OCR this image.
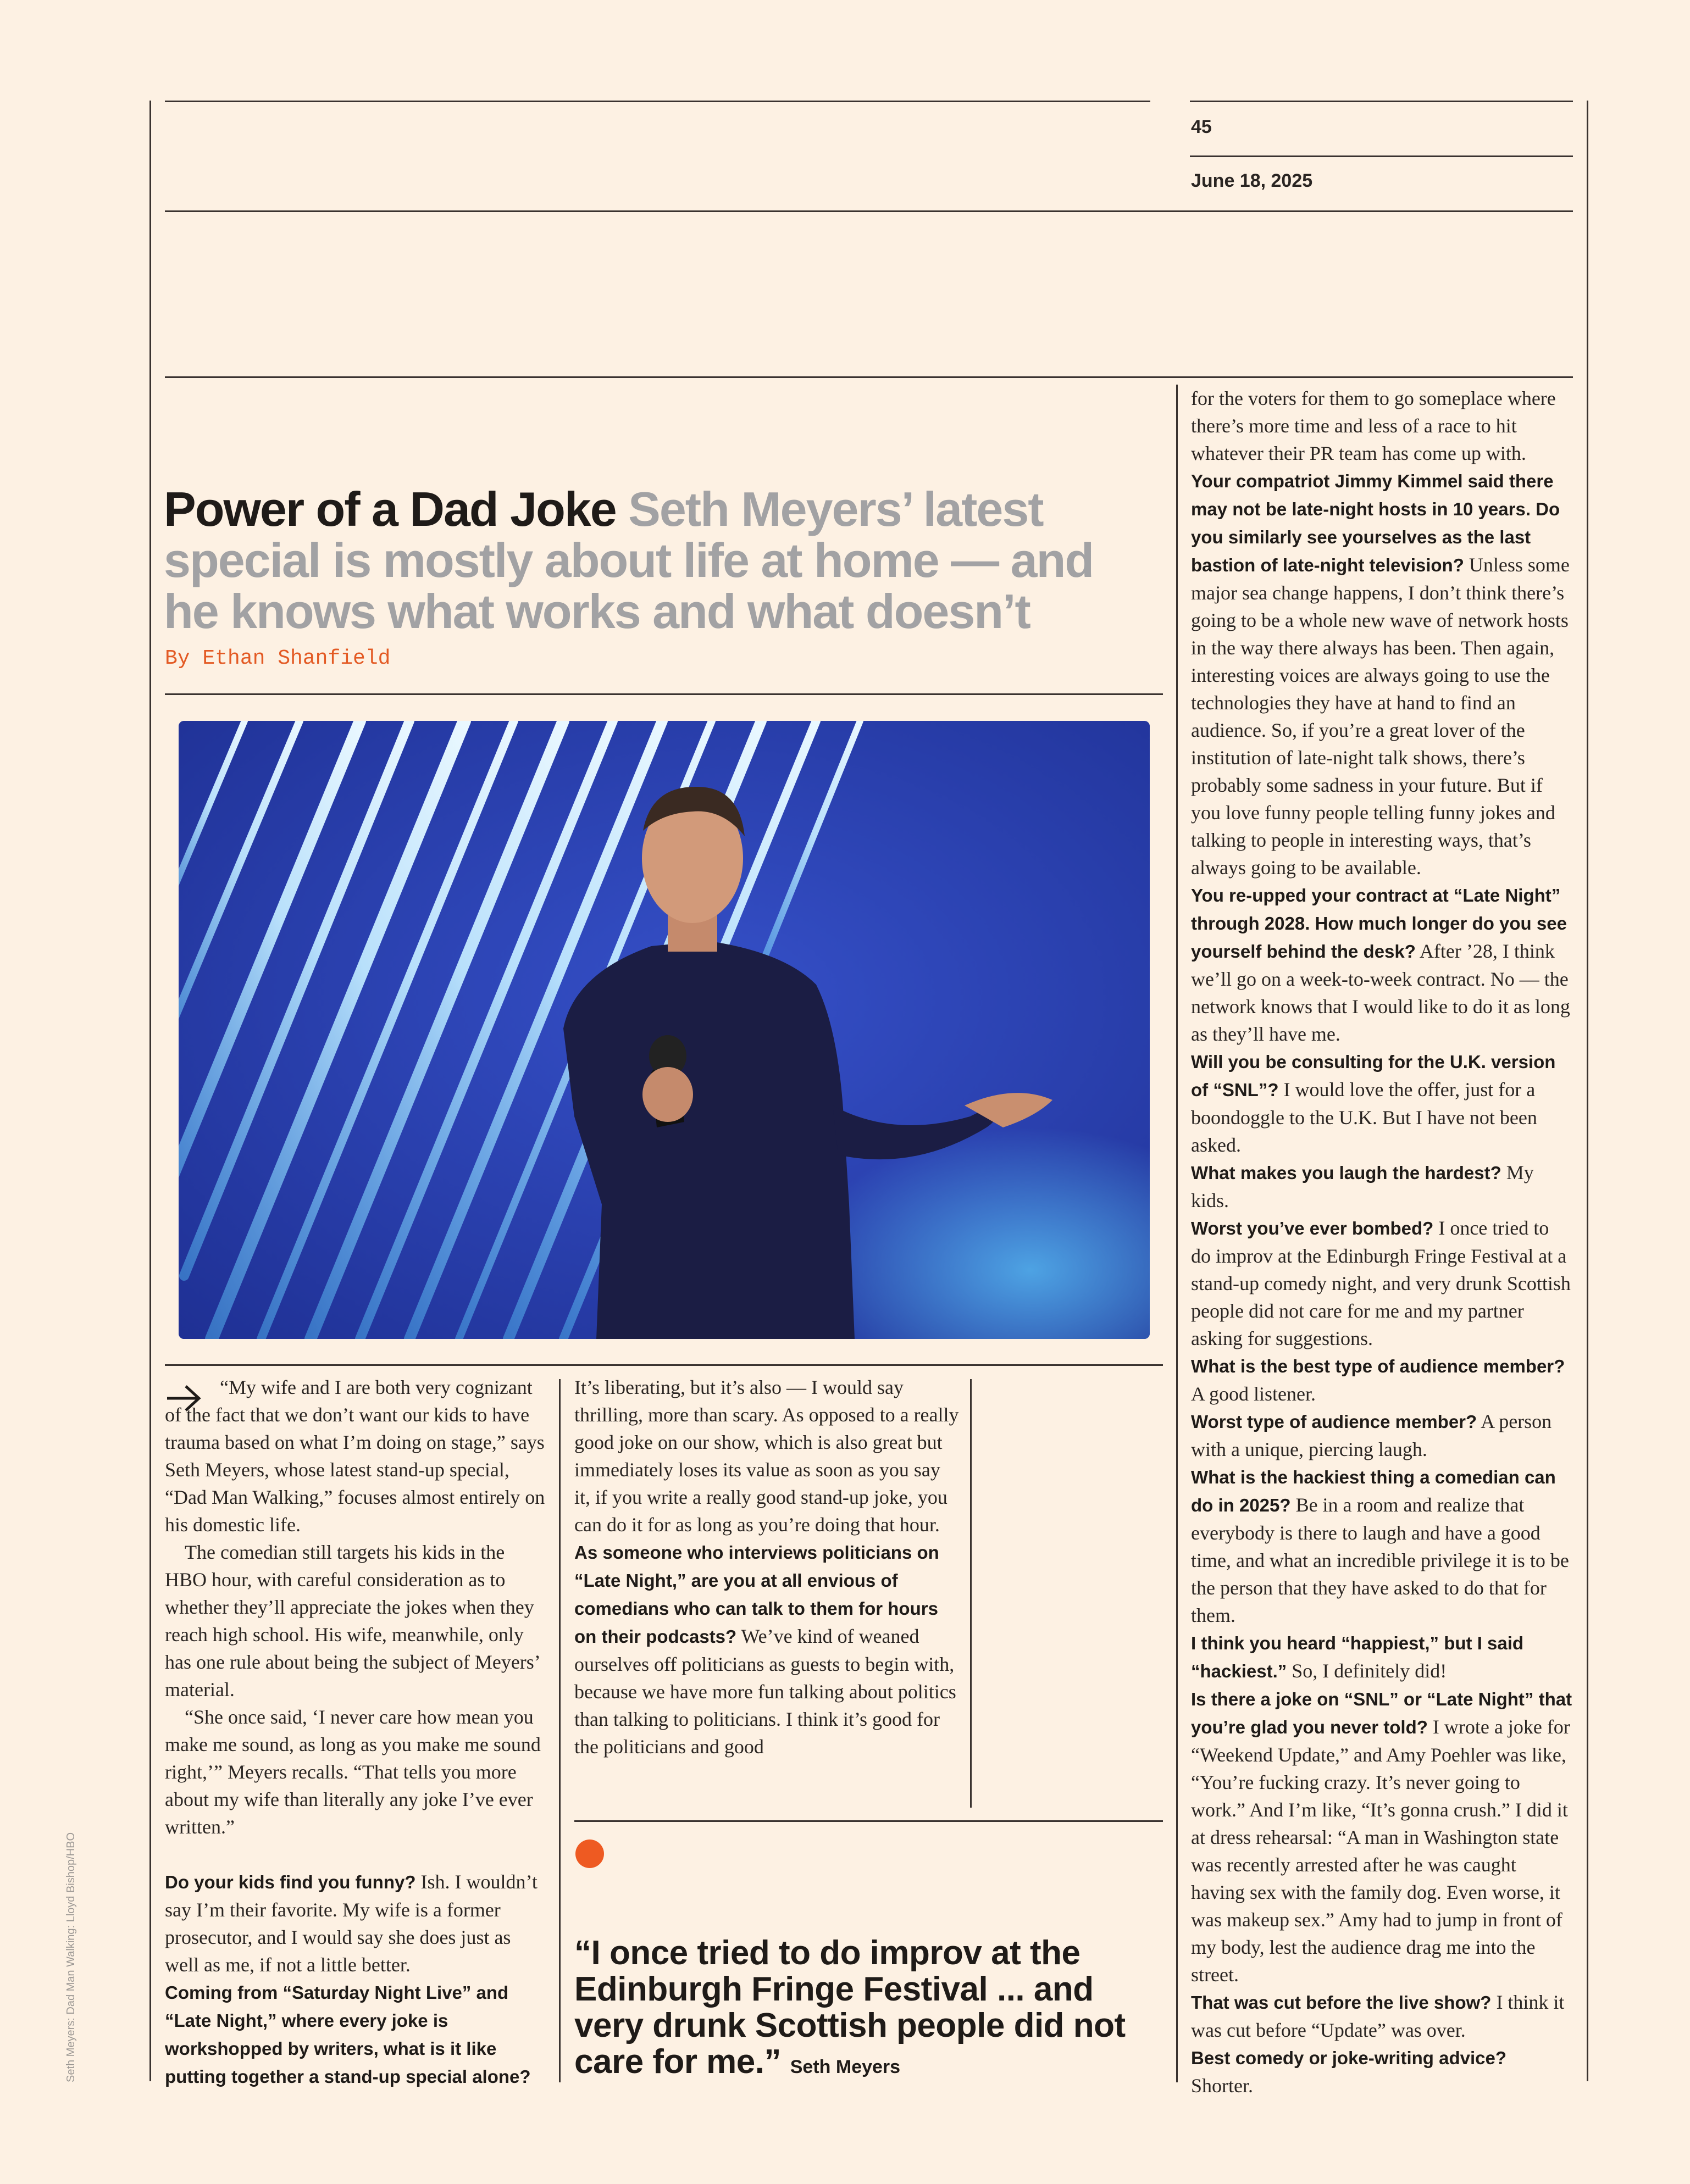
45
June 18, 2025
Power of a Dad Joke Seth Meyers’ latest special is mostly about life at home — and he knows what works and what doesn’t
By Ethan Shanfield

“My wife and I are both very cognizant of the fact that we don’t want our kids to have trauma based on what I’m doing on stage,” says Seth Meyers, whose latest stand-up special, “Dad Man Walking,” focuses almost entirely on his domestic life.

The comedian still targets his kids in the HBO hour, with careful consideration as to whether they’ll appreciate the jokes when they reach high school. His wife, meanwhile, only has one rule about being the subject of Meyers’ material.

“She once said, ‘I never care how mean you make me sound, as long as you make me sound right,’” Meyers recalls. “That tells you more about my wife than literally any joke I’ve ever written.”

Do your kids find you funny? Ish. I wouldn’t say I’m their favorite. My wife is a former prosecutor, and I would say she does just as well as me, if not a little better.

Coming from “Saturday Night Live” and “Late Night,” where every joke is workshopped by writers, what is it like putting together a stand-up special alone?

It’s liberating, but it’s also — I would say thrilling, more than scary. As opposed to a really good joke on our show, which is also great but immediately loses its value as soon as you say it, if you write a really good stand-up joke, you can do it for as long as you’re doing that hour.

As someone who interviews politicians on “Late Night,” are you at all envious of comedians who can talk to them for hours on their podcasts? We’ve kind of weaned ourselves off politicians as guests to begin with, because we have more fun talking about politics than talking to politicians. I think it’s good for the politicians and good

“I once tried to do improv at the Edinburgh Fringe Festival ... and very drunk Scottish people did not care for me.” Seth Meyers

for the voters for them to go someplace where there’s more time and less of a race to hit whatever their PR team has come up with.

Your compatriot Jimmy Kimmel said there may not be late-night hosts in 10 years. Do you similarly see yourselves as the last bastion of late-night television? Unless some major sea change happens, I don’t think there’s going to be a whole new wave of network hosts in the way there always has been. Then again, interesting voices are always going to use the technologies they have at hand to find an audience. So, if you’re a great lover of the institution of late-night talk shows, there’s probably some sadness in your future. But if you love funny people telling funny jokes and talking to people in interesting ways, that’s always going to be available.

You re-upped your contract at “Late Night” through 2028. How much longer do you see yourself behind the desk? After ’28, I think we’ll go on a week-to-week contract. No — the network knows that I would like to do it as long as they’ll have me.

Will you be consulting for the U.K. version of “SNL”? I would love the offer, just for a boondoggle to the U.K. But I have not been asked.

What makes you laugh the hardest? My kids.

Worst you’ve ever bombed? I once tried to do improv at the Edinburgh Fringe Festival at a stand-up comedy night, and very drunk Scottish people did not care for me and my partner asking for suggestions.

What is the best type of audience member? A good listener.

Worst type of audience member? A person with a unique, piercing laugh.

What is the hackiest thing a comedian can do in 2025? Be in a room and realize that everybody is there to laugh and have a good time, and what an incredible privilege it is to be the person that they have asked to do that for them.

I think you heard “happiest,” but I said “hackiest.” So, I definitely did!

Is there a joke on “SNL” or “Late Night” that you’re glad you never told? I wrote a joke for “Weekend Update,” and Amy Poehler was like, “You’re fucking crazy. It’s never going to work.” And I’m like, “It’s gonna crush.” I did it at dress rehearsal: “A man in Washington state was recently arrested after he was caught having sex with the family dog. Even worse, it was makeup sex.” Amy had to jump in front of my body, lest the audience drag me into the street.

That was cut before the live show? I think it was cut before “Update” was over.

Best comedy or joke-writing advice? Shorter.

Seth Meyers: Dad Man Walking: Lloyd Bishop/HBO
